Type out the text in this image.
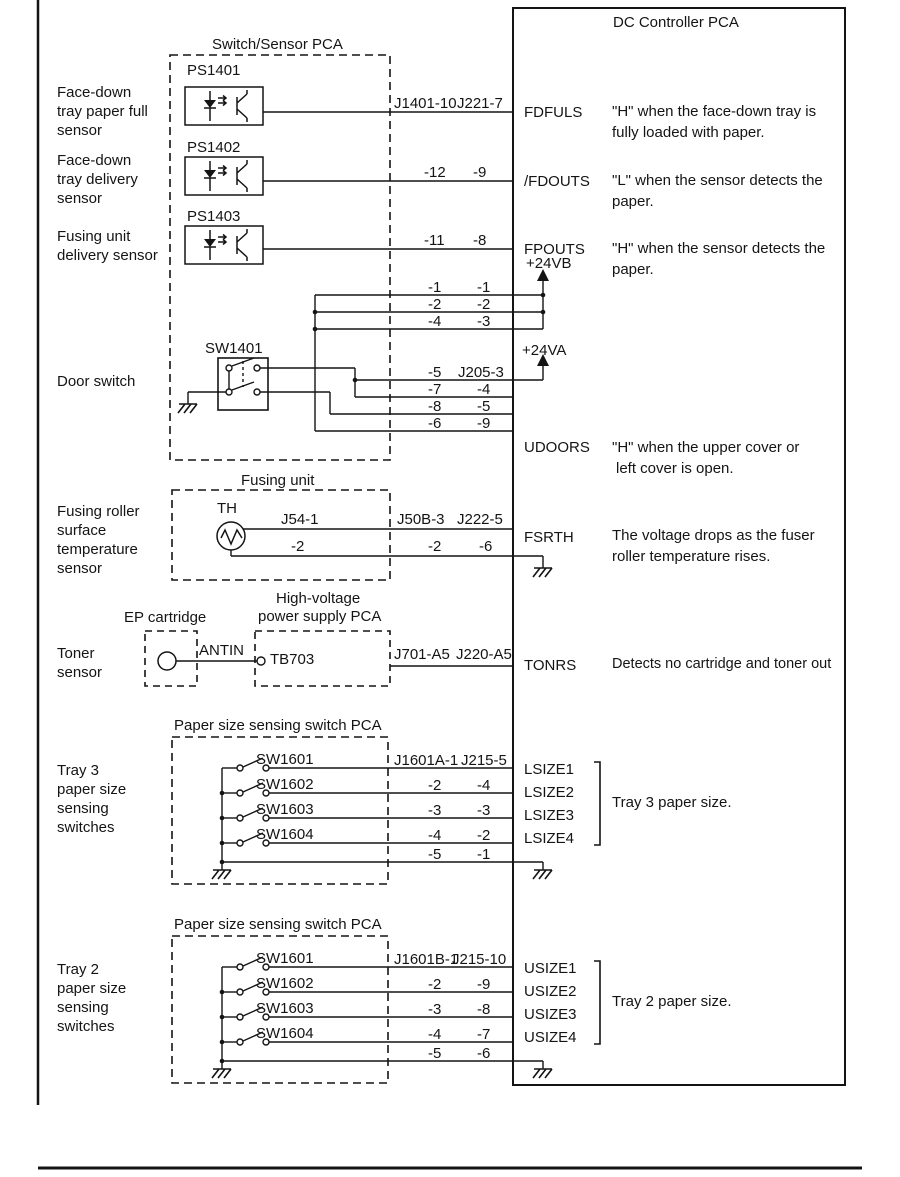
DC Controller PCA
Switch/Sensor PCA
Face-down
tray paper full
sensor
Face-down
tray delivery
sensor
Fusing unit
delivery sensor
PS1401
PS1402
PS1403
J1401-10 J221-7
-12 -9
-11 -8
FDFULS "H" when the face-down tray is
fully loaded with paper.
/FDOUTS "L" when the sensor detects the
paper.
FPOUTS "H" when the sensor detects the
paper.
+24VB
-1 -1
-2 -2
-4 -3
+24VA
-5 J205-3
-7 -4
-8 -5
-6 -9
Door switch
SW1401
UDOORS "H" when the upper cover or
left cover is open.
Fusing unit
Fusing roller
surface
temperature
sensor
TH
J54-1
-2
J50B-3 J222-5
-2	-6
FSRTH	The voltage drops as the fuser
roller temperature rises.
Toner
sensor
EP cartridge
High-voltage
power supply PCA
ANTIN
TB703	J701-A5 J220-A5
TONRS Detects no cartridge and toner out
Tray 3
paper size
sensing
switches
Paper size sensing switch PCA
SW1601
SW1602
SW1603
SW1604
J1601A-1 J215-5
-2 -4
-3 -3
-4 -2
-5 -1
LSIZE1
LSIZE2
LSIZE3
LSIZE4
Tray 3 paper size.
Tray 2
paper size
sensing
switches
Paper size sensing switch PCA
SW1601
SW1602
SW1603
SW1604
J1601B-1
J215-10
-2 -9
-3 -8
-4 -7
-5 -6
USIZE1
USIZE2
USIZE3
USIZE4
Tray 2 paper size.
